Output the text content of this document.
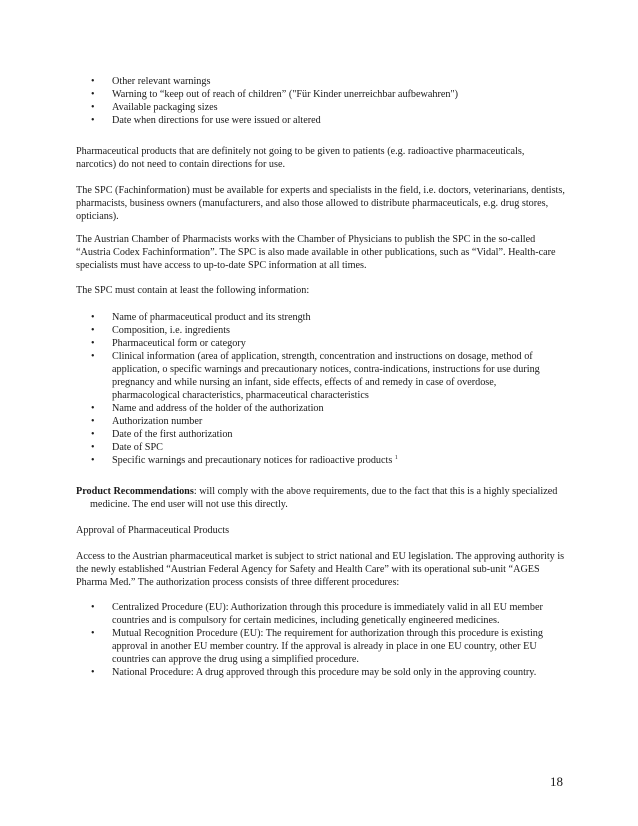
• Other relevant warnings
• Warning to “keep out of reach of children” ("Für Kinder unerreichbar aufbewahren")
• Available packaging sizes
• Date when directions for use were issued or altered

Pharmaceutical products that are definitely not going to be given to patients (e.g. radioactive pharmaceuticals, narcotics) do not need to contain directions for use.

The SPC (Fachinformation) must be available for experts and specialists in the field, i.e. doctors, veterinarians, dentists, pharmacists, business owners (manufacturers, and also those allowed to distribute pharmaceuticals, e.g. drug stores, opticians).

The Austrian Chamber of Pharmacists works with the Chamber of Physicians to publish the SPC in the so-called “Austria Codex Fachinformation”. The SPC is also made available in other publications, such as “Vidal”. Health-care specialists must have access to up-to-date SPC information at all times.

The SPC must contain at least the following information:

• Name of pharmaceutical product and its strength
• Composition, i.e. ingredients
• Pharmaceutical form or category
• Clinical information (area of application, strength, concentration and instructions on dosage, method of application, o specific warnings and precautionary notices, contra-indications, instructions for use during pregnancy and while nursing an infant, side effects, effects of and remedy in case of overdose, pharmacological characteristics, pharmaceutical characteristics
• Name and address of the holder of the authorization
• Authorization number
• Date of the first authorization
• Date of SPC
• Specific warnings and precautionary notices for radioactive products $^1$

Product Recommendations: will comply with the above requirements, due to the fact that this is a highly specialized medicine. The end user will not use this directly.

Approval of Pharmaceutical Products

Access to the Austrian pharmaceutical market is subject to strict national and EU legislation. The approving authority is the newly established “Austrian Federal Agency for Safety and Health Care” with its operational sub-unit “AGES Pharma Med.” The authorization process consists of three different procedures:

• Centralized Procedure (EU): Authorization through this procedure is immediately valid in all EU member countries and is compulsory for certain medicines, including genetically engineered medicines.
• Mutual Recognition Procedure (EU): The requirement for authorization through this procedure is existing approval in another EU member country. If the approval is already in place in one EU country, other EU countries can approve the drug using a simplified procedure.
• National Procedure: A drug approved through this procedure may be sold only in the approving country.
18
